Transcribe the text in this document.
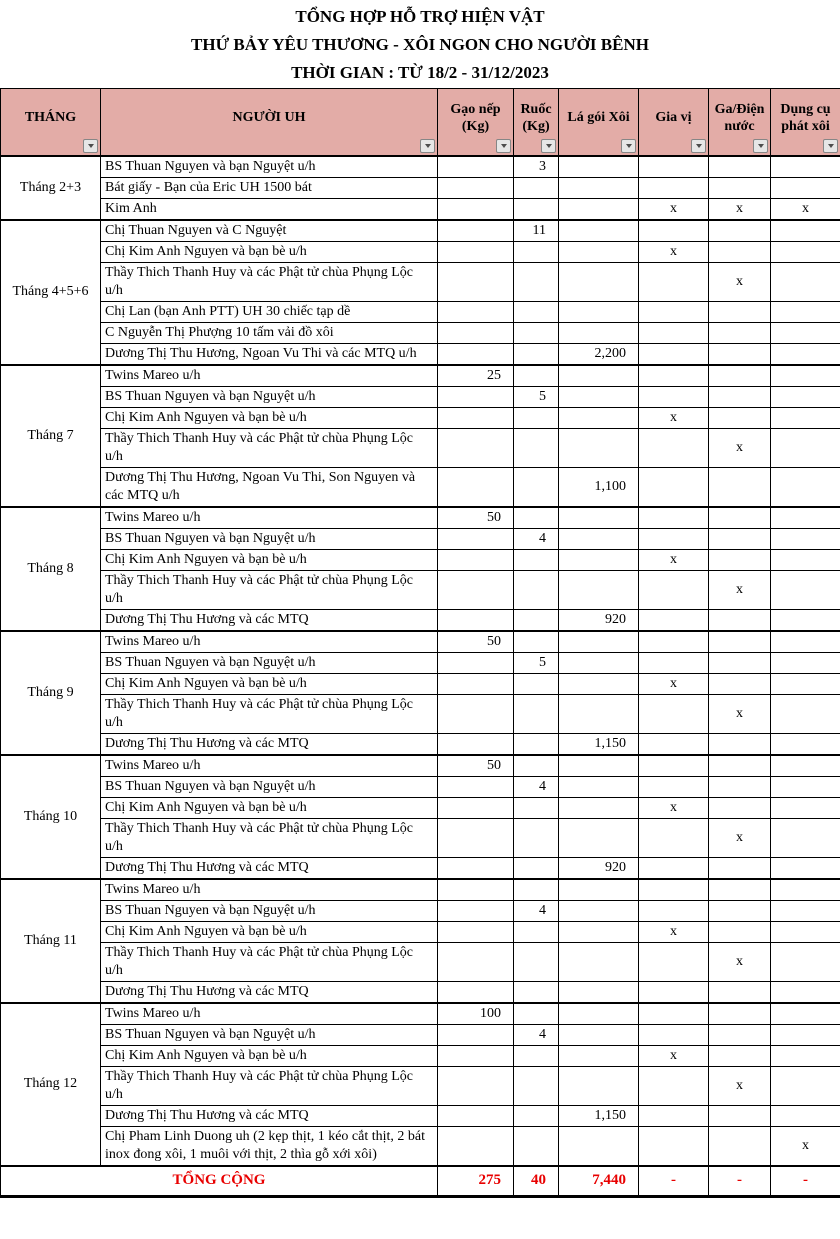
TỔNG HỢP HỖ TRỢ HIỆN VẬT
THỨ BẢY YÊU THƯƠNG - XÔI NGON CHO NGƯỜI BÊNH
THỜI GIAN : TỪ 18/2 - 31/12/2023
THÁNG	NGƯỜI UH	Gạo nếp (Kg)	Ruốc (Kg)	Lá gói Xôi	Gia vị	Ga/Điện nước	Dụng cụ phát xôi

Tháng 2+3	BS Thuan Nguyen và bạn Nguyệt u/h		3				
	Bát giấy - Bạn của Eric UH 1500 bát						
	Kim Anh				x	x	x
Tháng 4+5+6	Chị Thuan Nguyen và C Nguyệt		11				
	Chị Kim Anh Nguyen và bạn bè u/h				x		
	Thầy Thich Thanh Huy và các Phật tử chùa Phụng Lộc u/h					x	
	Chị Lan (bạn Anh PTT) UH 30 chiếc tạp dề						
	C Nguyễn Thị Phượng 10 tấm vải đồ xôi						
	Dương Thị Thu Hương, Ngoan Vu Thi và các MTQ u/h			2,200			
Tháng 7	Twins Mareo u/h	25					
	BS Thuan Nguyen và bạn Nguyệt u/h		5				
	Chị Kim Anh Nguyen và bạn bè u/h				x		
	Thầy Thich Thanh Huy và các Phật tử chùa Phụng Lộc u/h					x	
	Dương Thị Thu Hương, Ngoan Vu Thi, Son Nguyen và các MTQ u/h			1,100			
Tháng 8	Twins Mareo u/h	50					
	BS Thuan Nguyen và bạn Nguyệt u/h		4				
	Chị Kim Anh Nguyen và bạn bè u/h				x		
	Thầy Thich Thanh Huy và các Phật tử chùa Phụng Lộc u/h					x	
	Dương Thị Thu Hương và các MTQ			920			
Tháng 9	Twins Mareo u/h	50					
	BS Thuan Nguyen và bạn Nguyệt u/h		5				
	Chị Kim Anh Nguyen và bạn bè u/h				x		
	Thầy Thich Thanh Huy và các Phật tử chùa Phụng Lộc u/h					x	
	Dương Thị Thu Hương và các MTQ			1,150			
Tháng 10	Twins Mareo u/h	50					
	BS Thuan Nguyen và bạn Nguyệt u/h		4				
	Chị Kim Anh Nguyen và bạn bè u/h				x		
	Thầy Thich Thanh Huy và các Phật tử chùa Phụng Lộc u/h					x	
	Dương Thị Thu Hương và các MTQ			920			
Tháng 11	Twins Mareo u/h						
	BS Thuan Nguyen và bạn Nguyệt u/h		4				
	Chị Kim Anh Nguyen và bạn bè u/h				x		
	Thầy Thich Thanh Huy và các Phật tử chùa Phụng Lộc u/h					x	
	Dương Thị Thu Hương và các MTQ						
Tháng 12	Twins Mareo u/h	100					
	BS Thuan Nguyen và bạn Nguyệt u/h		4				
	Chị Kim Anh Nguyen và bạn bè u/h				x		
	Thầy Thich Thanh Huy và các Phật tử chùa Phụng Lộc u/h					x	
	Dương Thị Thu Hương và các MTQ			1,150			
	Chị Pham Linh Duong uh (2 kẹp thịt, 1 kéo cắt thịt, 2 bát inox đong xôi, 1 muôi với thịt, 2 thìa gỗ xới xôi)						x
TỔNG CỘNG		275	40	7,440	-	-	-
